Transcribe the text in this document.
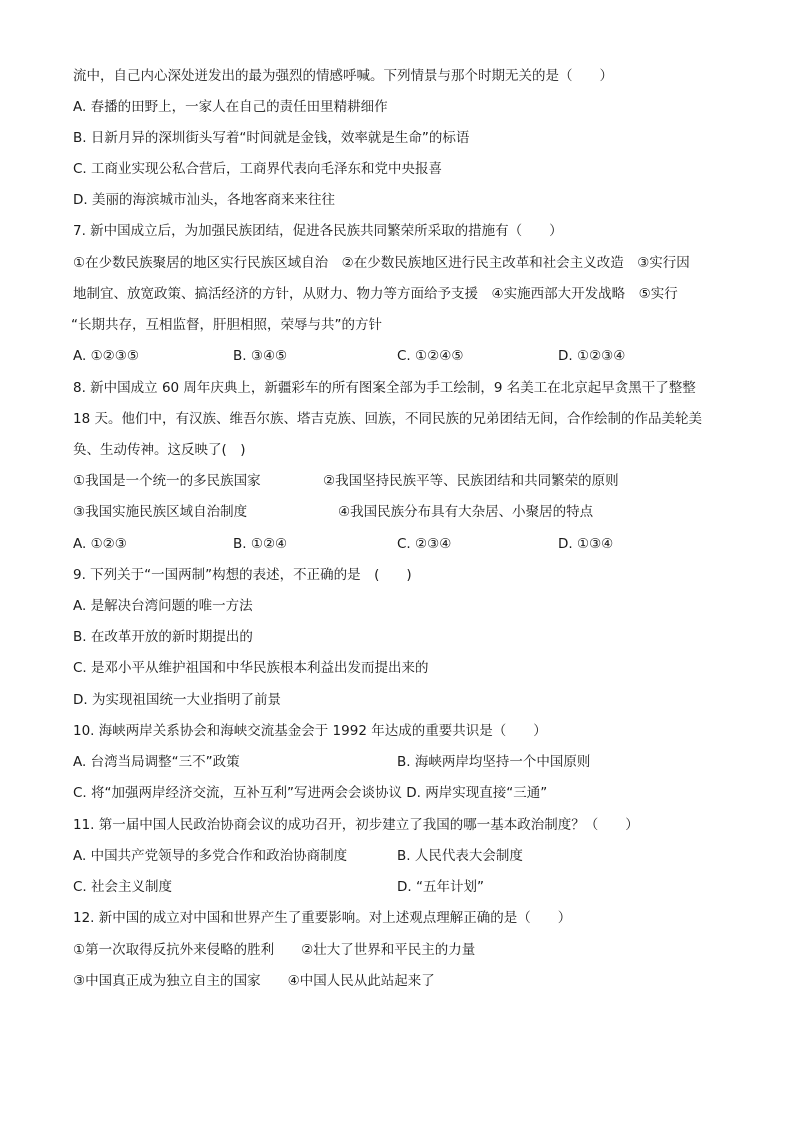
流中，自己内心深处迸发出的最为强烈的情感呼喊。下列情景与那个时期无关的是（　　）
A. 春播的田野上，一家人在自己的责任田里精耕细作
B. 日新月异的深圳街头写着“时间就是金钱，效率就是生命”的标语
C. 工商业实现公私合营后，工商界代表向毛泽东和党中央报喜
D. 美丽的海滨城市汕头，各地客商来来往往
7. 新中国成立后，为加强民族团结，促进各民族共同繁荣所采取的措施有（　　）
①在少数民族聚居的地区实行民族区域自治　②在少数民族地区进行民主改革和社会主义改造　③实行因
地制宜、放宽政策、搞活经济的方针，从财力、物力等方面给予支援　④实施西部大开发战略　⑤实行
“长期共存，互相监督，肝胆相照，荣辱与共”的方针
A. ①②③⑤	B. ③④⑤	C. ①②④⑤	D. ①②③④
8. 新中国成立 60 周年庆典上，新疆彩车的所有图案全部为手工绘制，9 名美工在北京起早贪黑干了整整
18 天。他们中，有汉族、维吾尔族、塔吉克族、回族，不同民族的兄弟团结无间，合作绘制的作品美轮美
奂、生动传神。这反映了(　)
①我国是一个统一的多民族国家	②我国坚持民族平等、民族团结和共同繁荣的原则
③我国实施民族区域自治制度	④我国民族分布具有大杂居、小聚居的特点
A. ①②③	B. ①②④	C. ②③④	D. ①③④
9. 下列关于“一国两制”构想的表述，不正确的是　(　　)
A. 是解决台湾问题的唯一方法
B. 在改革开放的新时期提出的
C. 是邓小平从维护祖国和中华民族根本利益出发而提出来的
D. 为实现祖国统一大业指明了前景
10. 海峡两岸关系协会和海峡交流基金会于 1992 年达成的重要共识是（　　）
A. 台湾当局调整“三不”政策	B. 海峡两岸均坚持一个中国原则
C. 将“加强两岸经济交流，互补互利”写进两会会谈协议 D. 两岸实现直接“三通”
11. 第一届中国人民政治协商会议的成功召开，初步建立了我国的哪一基本政治制度？（　　）
A. 中国共产党领导的多党合作和政治协商制度	B. 人民代表大会制度
C. 社会主义制度	D. “五年计划”
12. 新中国的成立对中国和世界产生了重要影响。对上述观点理解正确的是（　　）
①第一次取得反抗外来侵略的胜利　　②壮大了世界和平民主的力量
③中国真正成为独立自主的国家　　④中国人民从此站起来了
